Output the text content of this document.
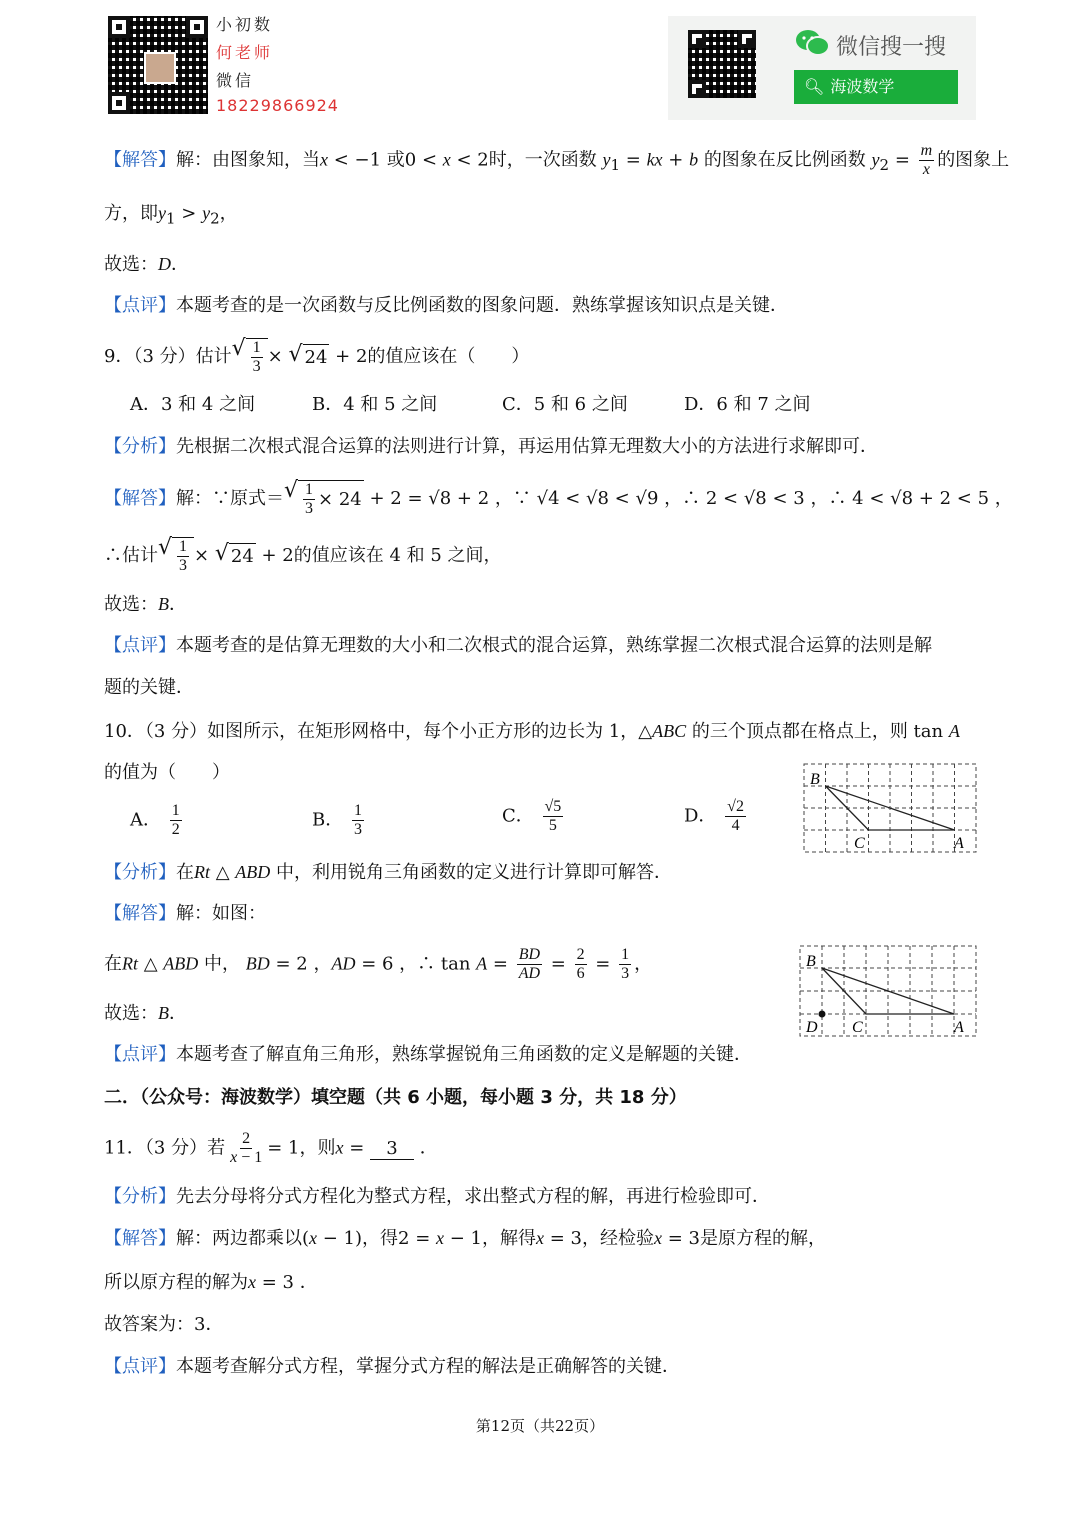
小初数
何老师
微信
18229866924
微信搜一搜
🔍︎ 海波数学
【解答】解：由图象知，当x < −1 或0 < x < 2时，一次函数 $y_1$ = kx + b 的图象在反比例函数 $y_2 = \frac{m}{x}$ 的图象上
方，即$y_1 > y_2$，
故选：D．
【点评】本题考查的是一次函数与反比例函数的图象问题．熟练掌握该知识点是关键．
9．（3 分）估计 √ $\frac{1}{3}$ × √ 24 + 2的值应该在（　　）
A．3 和 4 之间	B．4 和 5 之间	C．5 和 6 之间	D．6 和 7 之间
【分析】先根据二次根式混合运算的法则进行计算，再运用估算无理数大小的方法进行求解即可．
【解答】解：∵原式＝ √ $\frac{1}{3} \times 24 + 2 = √8 + 2$ ，∵ √4 < √8 < √9 ，∴ 2 < √8 < 3 ，∴ 4 < √8 + 2 < 5 ，
∴估计 √ $\frac{1}{3}$ × √ 24 + 2的值应该在 4 和 5 之间，
故选：B．
【点评】本题考查的是估算无理数的大小和二次根式的混合运算，熟练掌握二次根式混合运算的法则是解
题的关键．
10．（3 分）如图所示，在矩形网格中，每个小正方形的边长为 1，△ABC 的三个顶点都在格点上，则 tan A
的值为（　　）
A． $\frac{1}{2}$	B． $\frac{1}{3}$	C． $\frac{√5}{5}$	D． $\frac{√2}{4}$
B
C	A
【分析】在Rt △ ABD 中，利用锐角三角函数的定义进行计算即可解答．
【解答】解：如图：
在Rt △ ABD 中， BD = 2 ，AD = 6 ，∴ $\tan A = \frac{BD}{AD} = \frac{2}{6} = \frac{1}{3}$ ，	B
D C	A
故选：B．
【点评】本题考查了解直角三角形，熟练掌握锐角三角函数的定义是解题的关键．
二．（公众号：海波数学）填空题（共 6 小题，每小题 3 分，共 18 分）
11．（3 分）若 $\frac{2}{x - 1} = 1$，则x = 3 ．
【分析】先去分母将分式方程化为整式方程，求出整式方程的解，再进行检验即可．
【解答】解：两边都乘以(x − 1)，得2 = x − 1，解得x = 3，经检验x = 3是原方程的解，
所以原方程的解为x = 3 ．
故答案为：3．
【点评】本题考查解分式方程，掌握分式方程的解法是正确解答的关键．
第12页（共22页）
